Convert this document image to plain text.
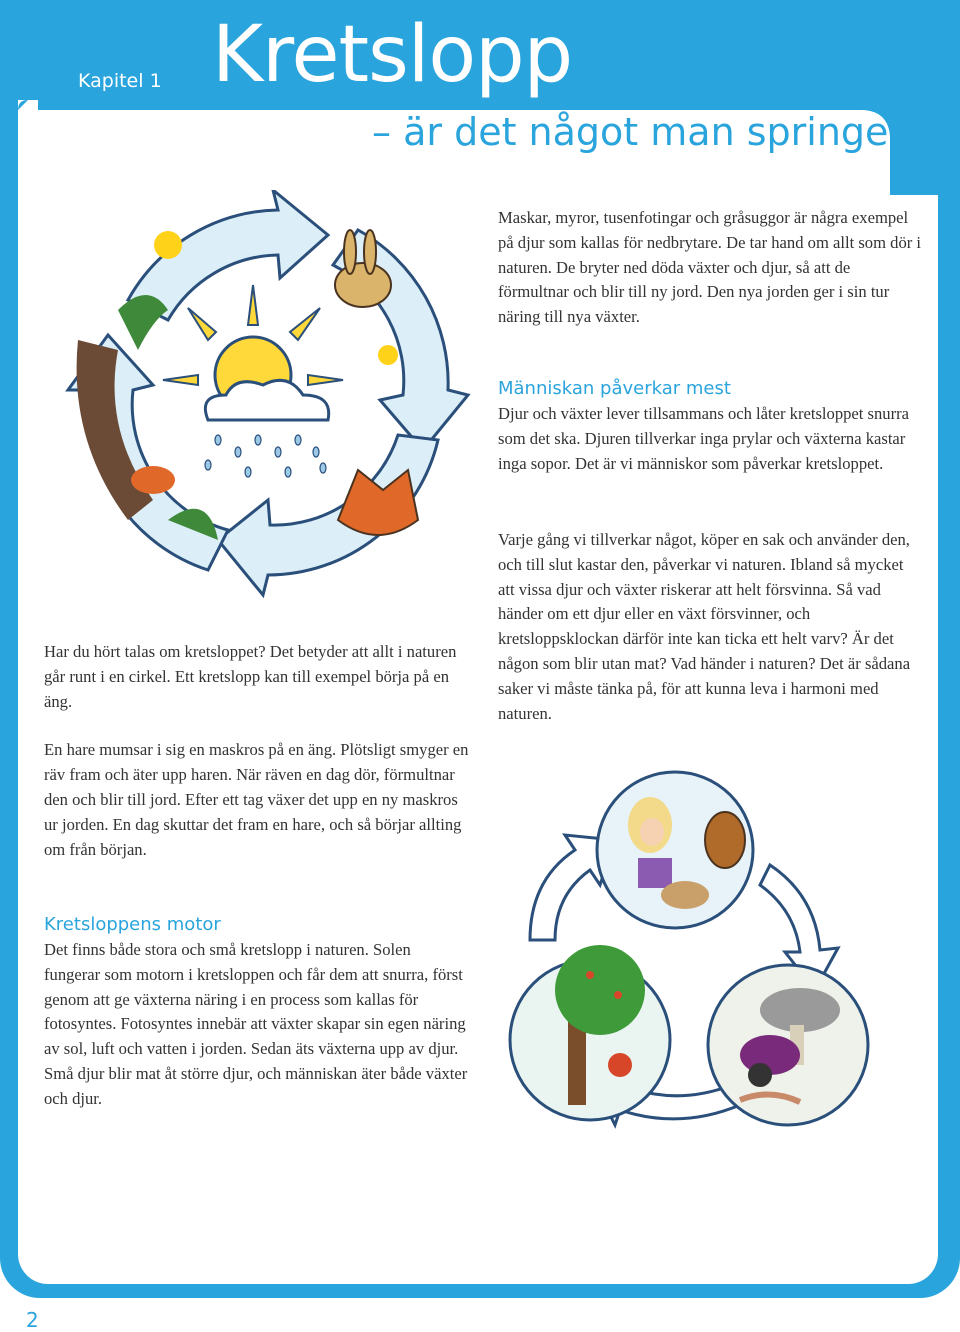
Kapitel 1 Kretslopp
– är det något man springer?

Maskar, myror, tusenfotingar och gråsuggor är några exempel på djur som kallas för nedbrytare. De tar hand om allt som dör i naturen. De bryter ned döda växter och djur, så att de förmultnar och blir till ny jord. Den nya jorden ger i sin tur näring till nya växter.

Människan påverkar mest

Djur och växter lever tillsammans och låter kretsloppet snurra som det ska. Djuren tillverkar inga prylar och växterna kastar inga sopor. Det är vi människor som påverkar kretsloppet.

Varje gång vi tillverkar något, köper en sak och använder den, och till slut kastar den, påverkar vi naturen. Ibland så mycket att vissa djur och växter riskerar att helt försvinna. Så vad händer om ett djur eller en växt försvinner, och kretsloppsklockan därför inte kan ticka ett helt varv? Är det någon som blir utan mat? Vad händer i naturen? Det är sådana saker vi måste tänka på, för att kunna leva i harmoni med naturen.

Har du hört talas om kretsloppet? Det betyder att allt i naturen går runt i en cirkel. Ett kretslopp kan till exempel börja på en äng.

En hare mumsar i sig en maskros på en äng. Plötsligt smyger en räv fram och äter upp haren. När räven en dag dör, förmultnar den och blir till jord. Efter ett tag växer det upp en ny maskros ur jorden. En dag skuttar det fram en hare, och så börjar allting om från början.

Kretsloppens motor

Det finns både stora och små kretslopp i naturen. Solen fungerar som motorn i kretsloppen och får dem att snurra, först genom att ge växterna näring i en process som kallas för fotosyntes. Fotosyntes innebär att växter skapar sin egen näring av sol, luft och vatten i jorden. Sedan äts växterna upp av djur. Små djur blir mat åt större djur, och människan äter både växter och djur.

2
